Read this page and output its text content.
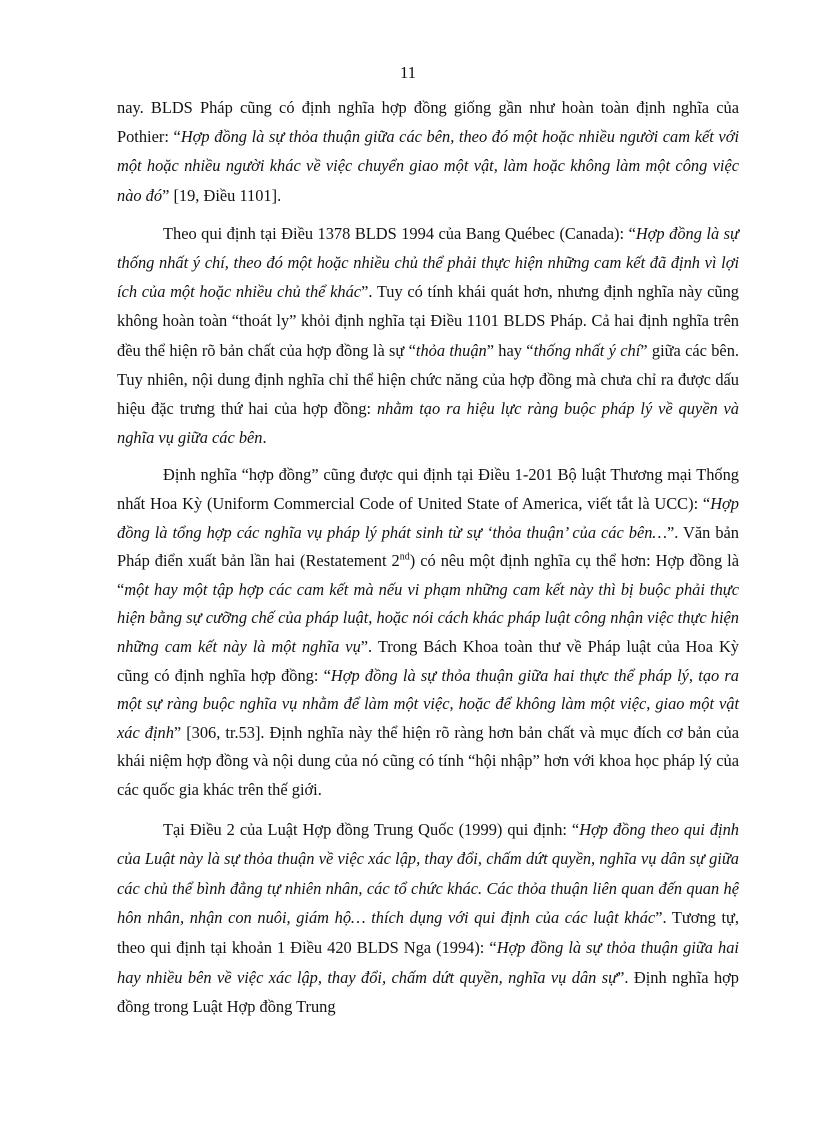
11

nay. BLDS Pháp cũng có định nghĩa hợp đồng giống gần như hoàn toàn định nghĩa của Pothier: “Hợp đồng là sự thỏa thuận giữa các bên, theo đó một hoặc nhiều người cam kết với một hoặc nhiều người khác về việc chuyển giao một vật, làm hoặc không làm một công việc nào đó” [19, Điều 1101].

Theo qui định tại Điều 1378 BLDS 1994 của Bang Québec (Canada): “Hợp đồng là sự thống nhất ý chí, theo đó một hoặc nhiều chủ thể phải thực hiện những cam kết đã định vì lợi ích của một hoặc nhiều chủ thể khác”. Tuy có tính khái quát hơn, nhưng định nghĩa này cũng không hoàn toàn “thoát ly” khỏi định nghĩa tại Điều 1101 BLDS Pháp. Cả hai định nghĩa trên đều thể hiện rõ bản chất của hợp đồng là sự “thỏa thuận” hay “thống nhất ý chí” giữa các bên. Tuy nhiên, nội dung định nghĩa chỉ thể hiện chức năng của hợp đồng mà chưa chỉ ra được dấu hiệu đặc trưng thứ hai của hợp đồng: nhằm tạo ra hiệu lực ràng buộc pháp lý về quyền và nghĩa vụ giữa các bên.

Định nghĩa “hợp đồng” cũng được qui định tại Điều 1-201 Bộ luật Thương mại Thống nhất Hoa Kỳ (Uniform Commercial Code of United State of America, viết tắt là UCC): “Hợp đồng là tổng hợp các nghĩa vụ pháp lý phát sinh từ sự ‘thỏa thuận’ của các bên…”. Văn bản Pháp điển xuất bản lần hai (Restatement 2nd) có nêu một định nghĩa cụ thể hơn: Hợp đồng là “một hay một tập hợp các cam kết mà nếu vi phạm những cam kết này thì bị buộc phải thực hiện bằng sự cưỡng chế của pháp luật, hoặc nói cách khác pháp luật công nhận việc thực hiện những cam kết này là một nghĩa vụ”. Trong Bách Khoa toàn thư về Pháp luật của Hoa Kỳ cũng có định nghĩa hợp đồng: “Hợp đồng là sự thỏa thuận giữa hai thực thể pháp lý, tạo ra một sự ràng buộc nghĩa vụ nhằm để làm một việc, hoặc để không làm một việc, giao một vật xác định” [306, tr.53]. Định nghĩa này thể hiện rõ ràng hơn bản chất và mục đích cơ bản của khái niệm hợp đồng và nội dung của nó cũng có tính “hội nhập” hơn với khoa học pháp lý của các quốc gia khác trên thế giới.

Tại Điều 2 của Luật Hợp đồng Trung Quốc (1999) qui định: “Hợp đồng theo qui định của Luật này là sự thỏa thuận về việc xác lập, thay đổi, chấm dứt quyền, nghĩa vụ dân sự giữa các chủ thể bình đẳng tự nhiên nhân, các tổ chức khác. Các thỏa thuận liên quan đến quan hệ hôn nhân, nhận con nuôi, giám hộ… thích dụng với qui định của các luật khác”. Tương tự, theo qui định tại khoản 1 Điều 420 BLDS Nga (1994): “Hợp đồng là sự thỏa thuận giữa hai hay nhiều bên về việc xác lập, thay đổi, chấm dứt quyền, nghĩa vụ dân sự”. Định nghĩa hợp đồng trong Luật Hợp đồng Trung
